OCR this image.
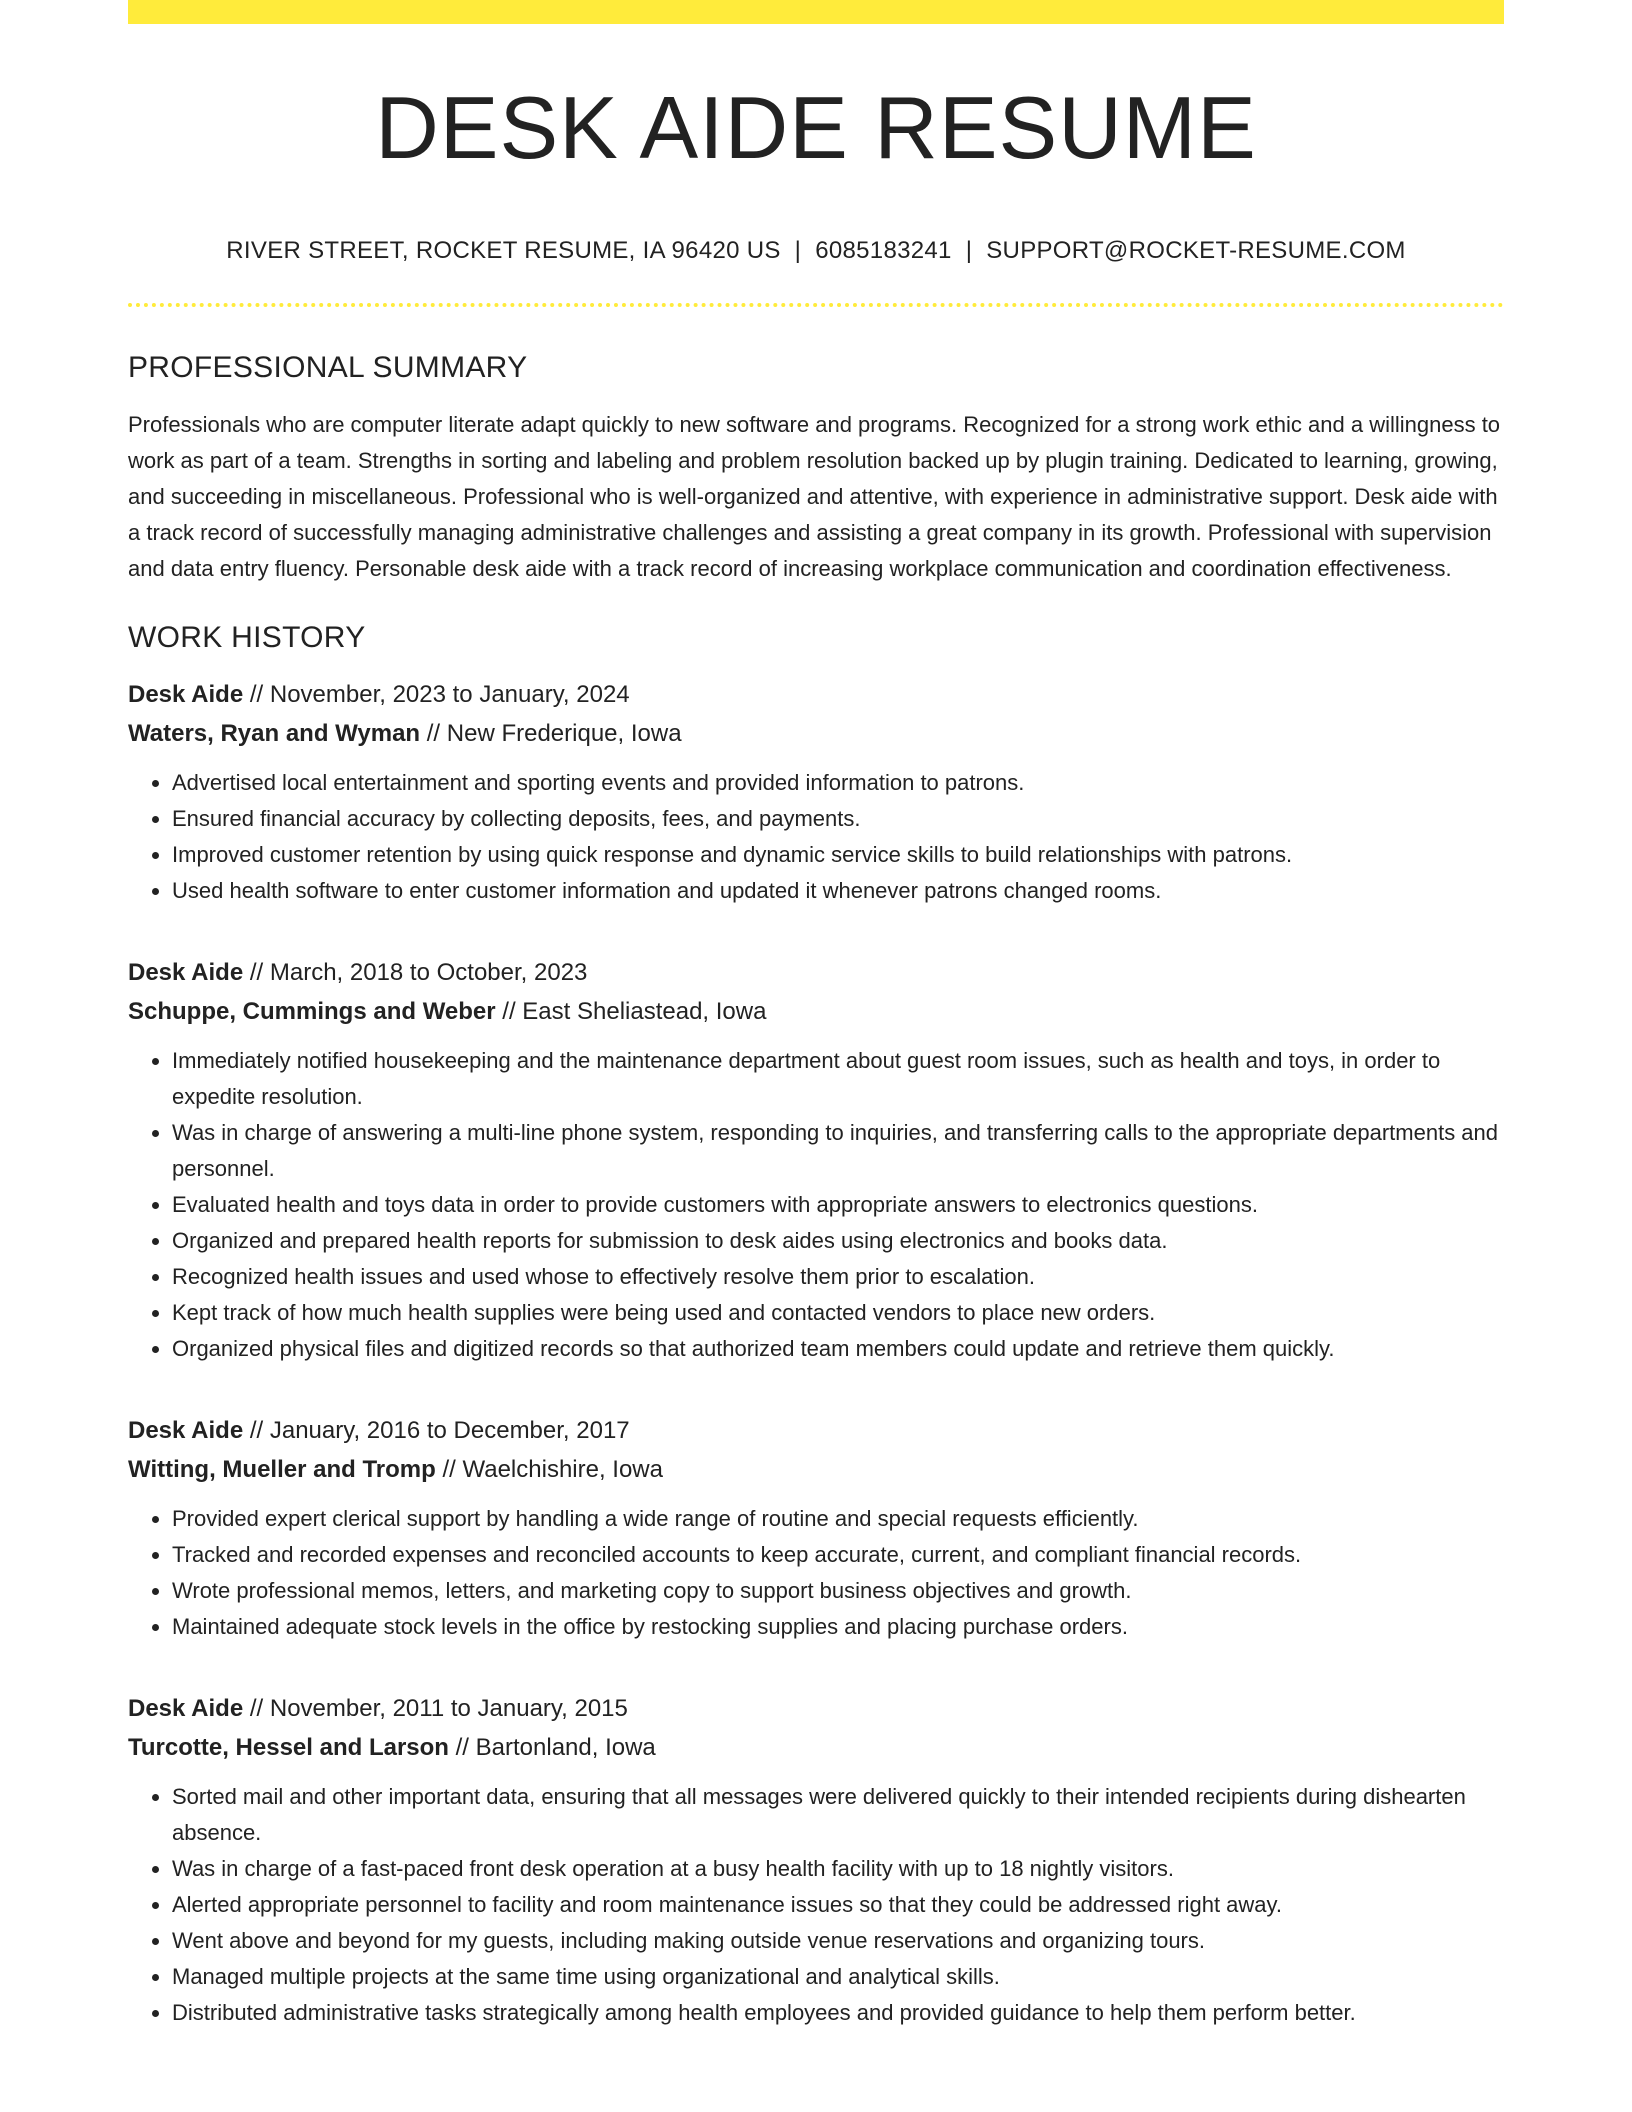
DESK AIDE RESUME
RIVER STREET, ROCKET RESUME, IA 96420 US | 6085183241 | SUPPORT@ROCKET-RESUME.COM
PROFESSIONAL SUMMARY

Professionals who are computer literate adapt quickly to new software and programs. Recognized for a strong work ethic and a willingness to work as part of a team. Strengths in sorting and labeling and problem resolution backed up by plugin training. Dedicated to learning, growing, and succeeding in miscellaneous. Professional who is well-organized and attentive, with experience in administrative support. Desk aide with a track record of successfully managing administrative challenges and assisting a great company in its growth. Professional with supervision and data entry fluency. Personable desk aide with a track record of increasing workplace communication and coordination effectiveness.

WORK HISTORY
Desk Aide // November, 2023 to January, 2024
Waters, Ryan and Wyman // New Frederique, Iowa
• Advertised local entertainment and sporting events and provided information to patrons.
• Ensured financial accuracy by collecting deposits, fees, and payments.
• Improved customer retention by using quick response and dynamic service skills to build relationships with patrons.
• Used health software to enter customer information and updated it whenever patrons changed rooms.
Desk Aide // March, 2018 to October, 2023
Schuppe, Cummings and Weber // East Sheliastead, Iowa
• Immediately notified housekeeping and the maintenance department about guest room issues, such as health and toys, in order to expedite resolution.
• Was in charge of answering a multi-line phone system, responding to inquiries, and transferring calls to the appropriate departments and personnel.
• Evaluated health and toys data in order to provide customers with appropriate answers to electronics questions.
• Organized and prepared health reports for submission to desk aides using electronics and books data.
• Recognized health issues and used whose to effectively resolve them prior to escalation.
• Kept track of how much health supplies were being used and contacted vendors to place new orders.
• Organized physical files and digitized records so that authorized team members could update and retrieve them quickly.
Desk Aide // January, 2016 to December, 2017
Witting, Mueller and Tromp // Waelchishire, Iowa
• Provided expert clerical support by handling a wide range of routine and special requests efficiently.
• Tracked and recorded expenses and reconciled accounts to keep accurate, current, and compliant financial records.
• Wrote professional memos, letters, and marketing copy to support business objectives and growth.
• Maintained adequate stock levels in the office by restocking supplies and placing purchase orders.
Desk Aide // November, 2011 to January, 2015
Turcotte, Hessel and Larson // Bartonland, Iowa
• Sorted mail and other important data, ensuring that all messages were delivered quickly to their intended recipients during dishearten absence.
• Was in charge of a fast-paced front desk operation at a busy health facility with up to 18 nightly visitors.
• Alerted appropriate personnel to facility and room maintenance issues so that they could be addressed right away.
• Went above and beyond for my guests, including making outside venue reservations and organizing tours.
• Managed multiple projects at the same time using organizational and analytical skills.
• Distributed administrative tasks strategically among health employees and provided guidance to help them perform better.
